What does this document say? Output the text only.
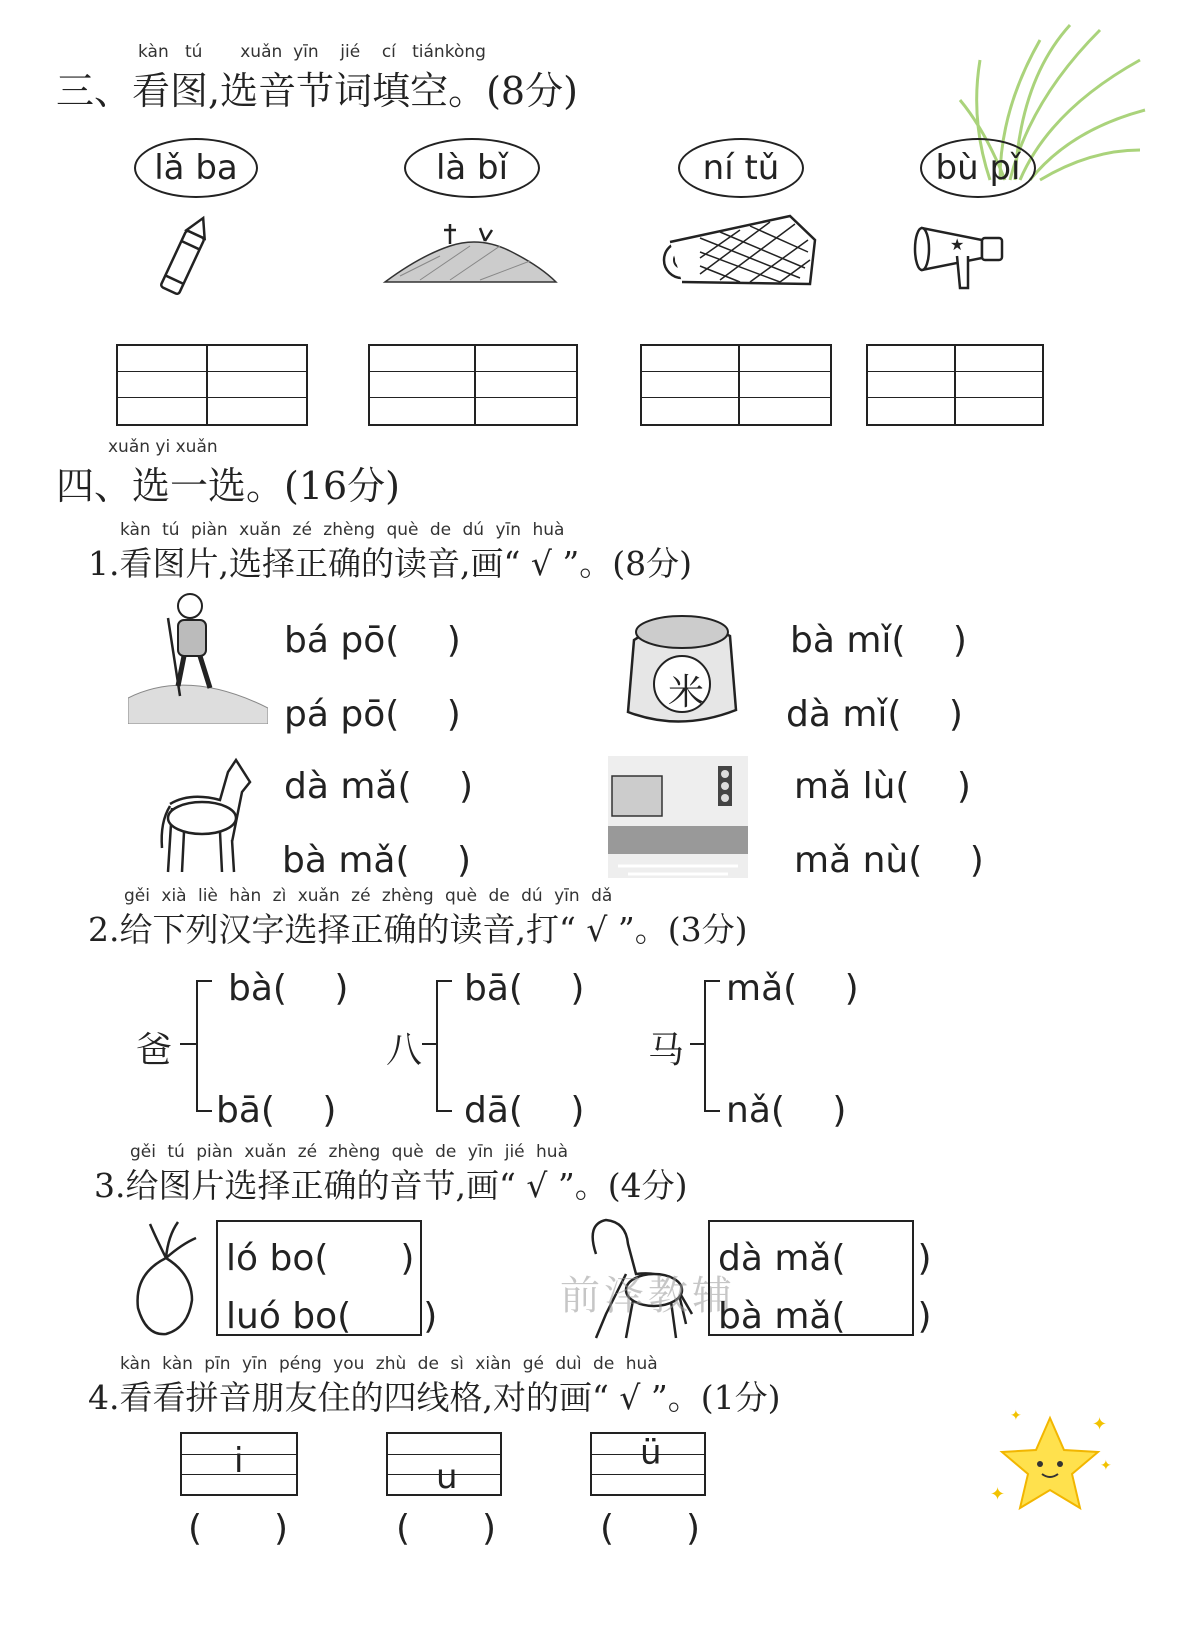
kàn tú xuǎn yīn jié cí tiánkòng
三、看图,选音节词填空。(8分)
lǎ ba	là bǐ	ní tǔ	bù pǐ
★
xuǎn yi xuǎn
四、选一选。(16分)
kàn tú piàn xuǎn zé zhèng què de dú yīn huà
1.看图片,选择正确的读音,画“ √ ”。(8分)
bá pō(　 )
pá pō(　 )
米
bà mǐ(　 )
dà mǐ(　 )
dà mǎ(　 )
bà mǎ(　 )
mǎ lù(　 )
mǎ nù(　 )
gěi xià liè hàn zì xuǎn zé zhèng què de dú yīn dǎ
2.给下列汉字选择正确的读音,打“ √ ”。(3分)
爸
bà(　 )
bā(　 )
八
bā(　 )
dā(　 )
马
mǎ(　 )
nǎ(　 )
gěi tú piàn xuǎn zé zhèng què de yīn jié huà
3.给图片选择正确的音节,画“ √ ”。(4分)
ló bo(　　)
luó bo(　　)	前泽教辅
dà mǎ(　　)
bà mǎ(　　)
kàn kàn pīn yīn péng you zhù de sì xiàn gé duì de huà
4.看看拼音朋友住的四线格,对的画“ √ ”。(1分)
i
(　　)
u
(　　)
ü
(　　)
✦
✦
✦
✦
